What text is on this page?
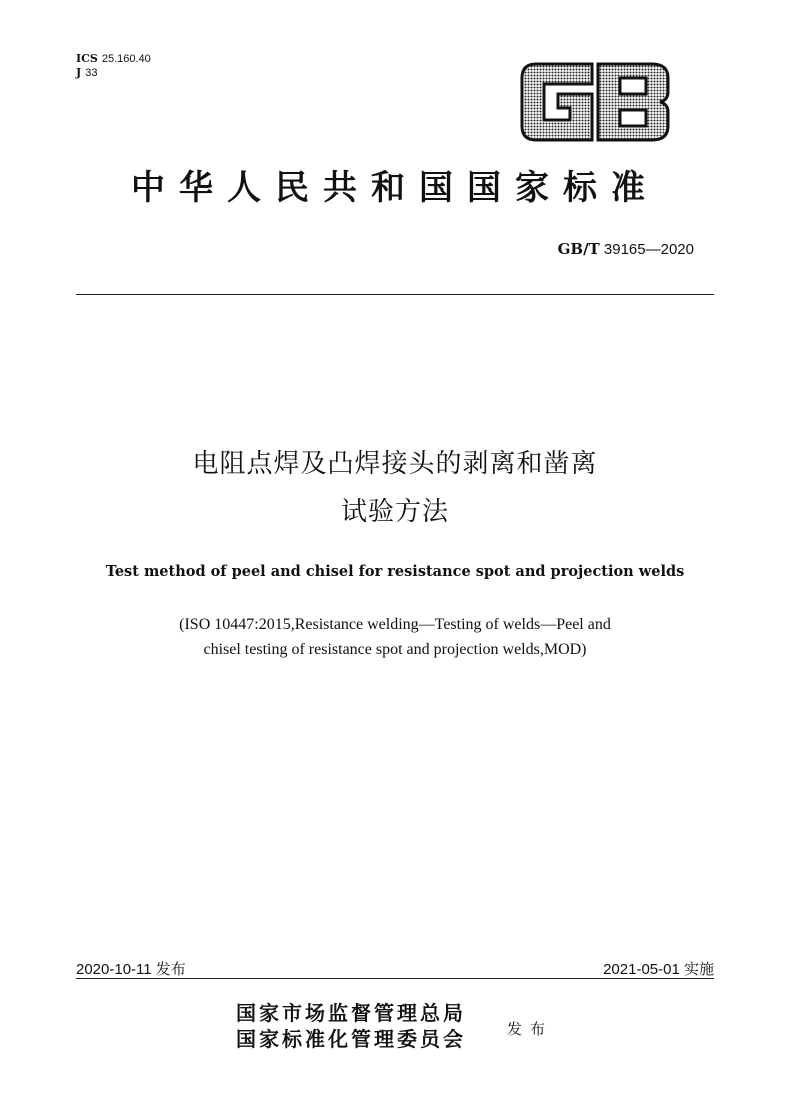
ICS 25.160.40
J 33
中华人民共和国国家标准
GB/T 39165—2020
电阻点焊及凸焊接头的剥离和凿离
试验方法
Test method of peel and chisel for resistance spot and projection welds
(ISO 10447:2015,Resistance welding—Testing of welds—Peel and
chisel testing of resistance spot and projection welds,MOD)
2020-10-11 发布	2021-05-01 实施
国家市场监督管理总局
国家标准化管理委员会	发布
